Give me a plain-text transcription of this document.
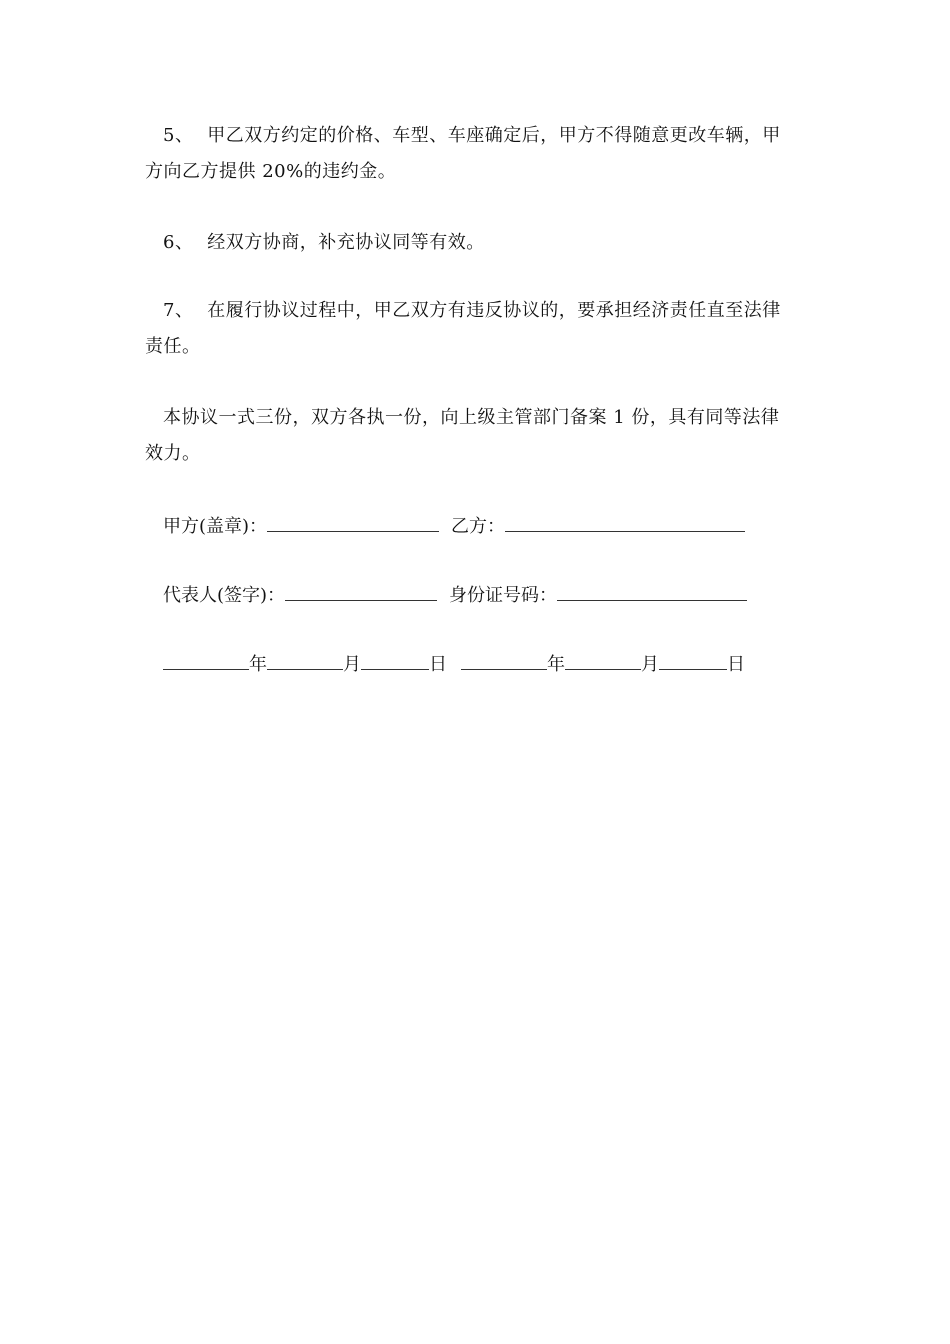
5、 甲乙双方约定的价格、车型、车座确定后，甲方不得随意更改车辆，甲
方向乙方提供 20%的违约金。
6、 经双方协商，补充协议同等有效。
7、 在履行协议过程中，甲乙双方有违反协议的，要承担经济责任直至法律
责任。
本协议一式三份，双方各执一份，向上级主管部门备案 1 份，具有同等法律
效力。
甲方(盖章)：	乙方：
代表人(签字)：	身份证号码：
年	月	日	年	月	日
